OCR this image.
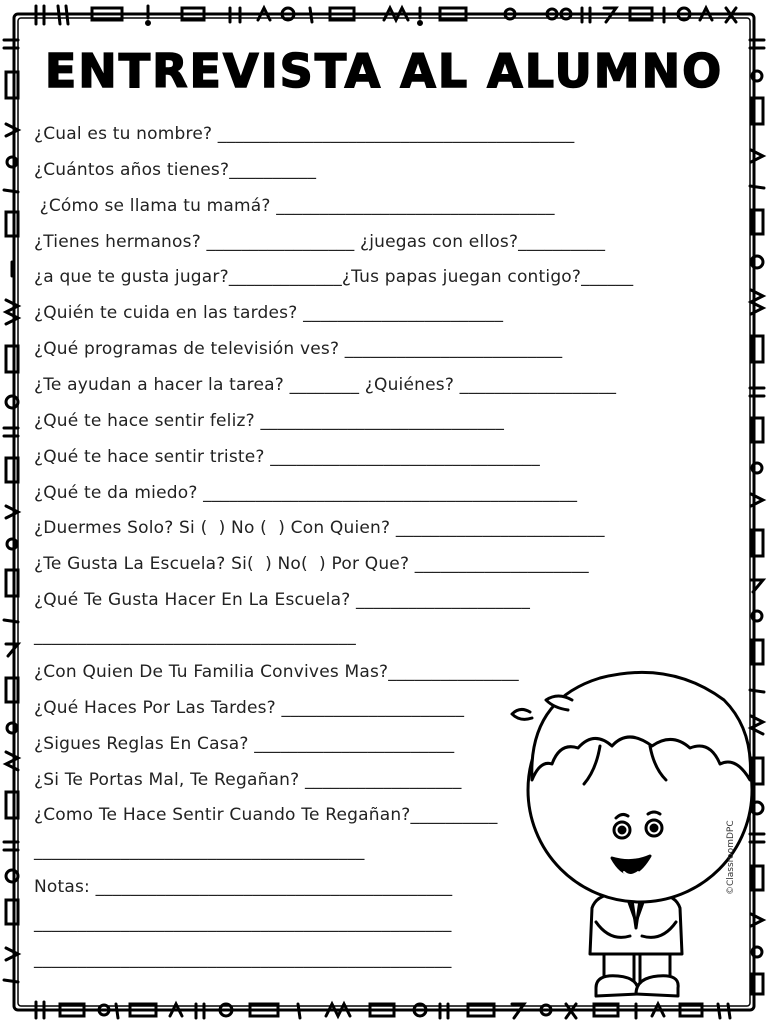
ENTREVISTA AL ALUMNO
¿Cual es tu nombre? _________________________________________
¿Cuántos años tienes?__________
¿Cómo se llama tu mamá? ________________________________
¿Tienes hermanos? _________________ ¿juegas con ellos?__________
¿a que te gusta jugar?_____________¿Tus papas juegan contigo?______
¿Quién te cuida en las tardes? _______________________
¿Qué programas de televisión ves? _________________________
¿Te ayudan a hacer la tarea? ________ ¿Quiénes? __________________
¿Qué te hace sentir feliz? ____________________________
¿Qué te hace sentir triste? _______________________________
¿Qué te da miedo? ___________________________________________
¿Duermes Solo? Si (  ) No (  ) Con Quien? ________________________
¿Te Gusta La Escuela? Si(  ) No(  ) Por Que? ____________________
¿Qué Te Gusta Hacer En La Escuela? ____________________
_____________________________________
¿Con Quien De Tu Familia Convives Mas?_______________
¿Qué Haces Por Las Tardes? _____________________
¿Sigues Reglas En Casa? _______________________
¿Si Te Portas Mal, Te Regañan? __________________
¿Como Te Hace Sentir Cuando Te Regañan?__________
______________________________________
Notas: _________________________________________
________________________________________________
________________________________________________
©ClassroomDPC
